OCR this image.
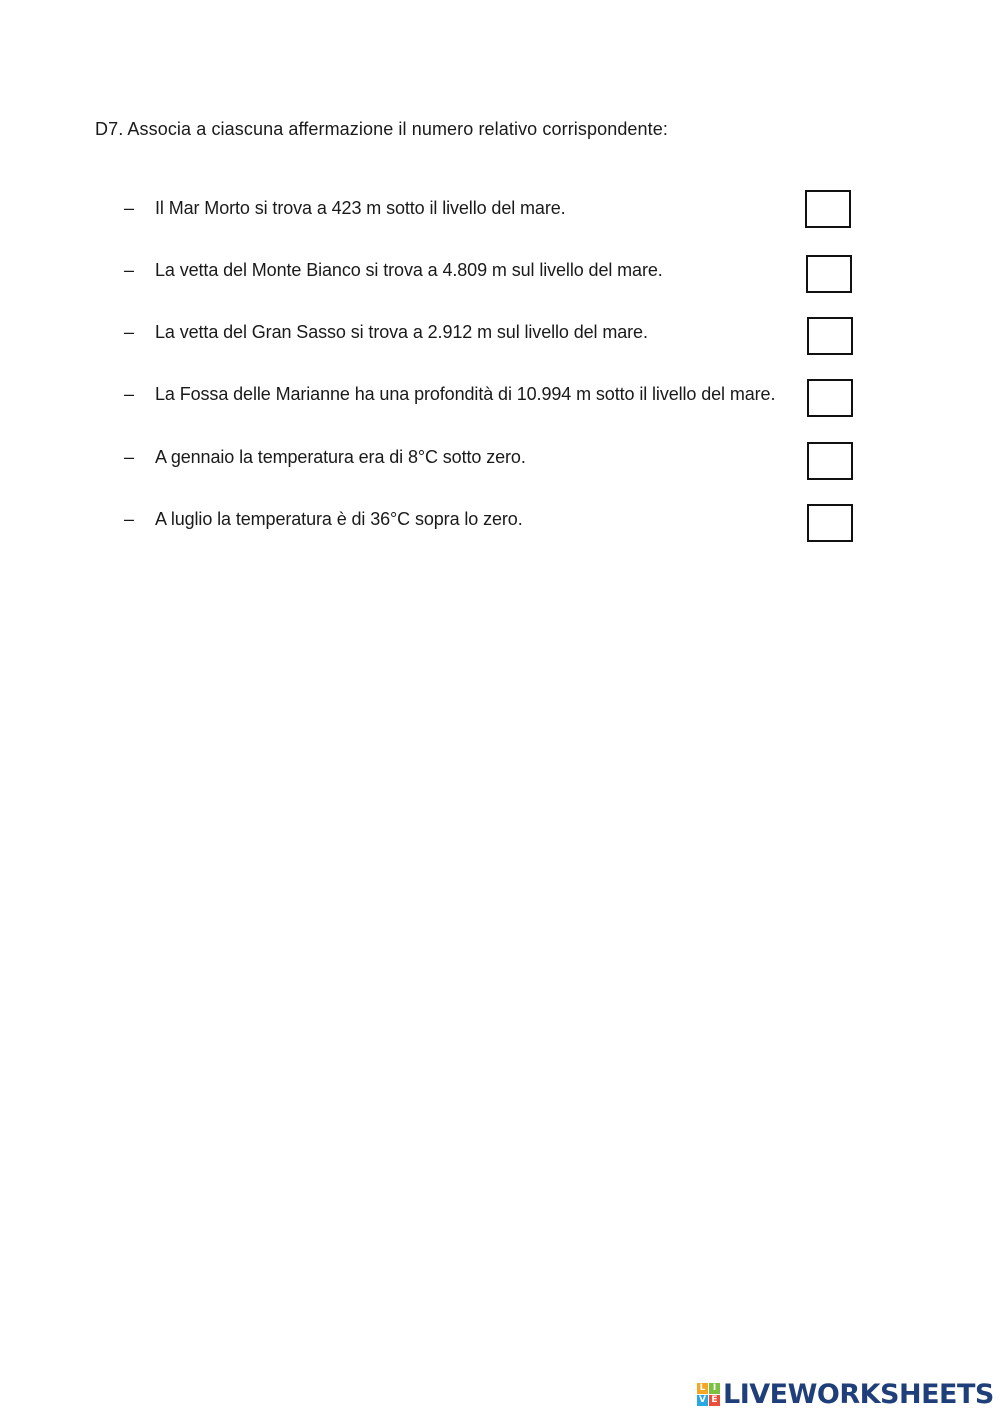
D7. Associa a ciascuna affermazione il numero relativo corrispondente:
– Il Mar Morto si trova a 423 m sotto il livello del mare.
– La vetta del Monte Bianco si trova a 4.809 m sul livello del mare.
– La vetta del Gran Sasso si trova a 2.912 m sul livello del mare.
– La Fossa delle Marianne ha una profondità di 10.994 m sotto il livello del mare.
– A gennaio la temperatura era di 8°C sotto zero.
– A luglio la temperatura è di 36°C sopra lo zero.
L I
V E LIVEWORKSHEETS
